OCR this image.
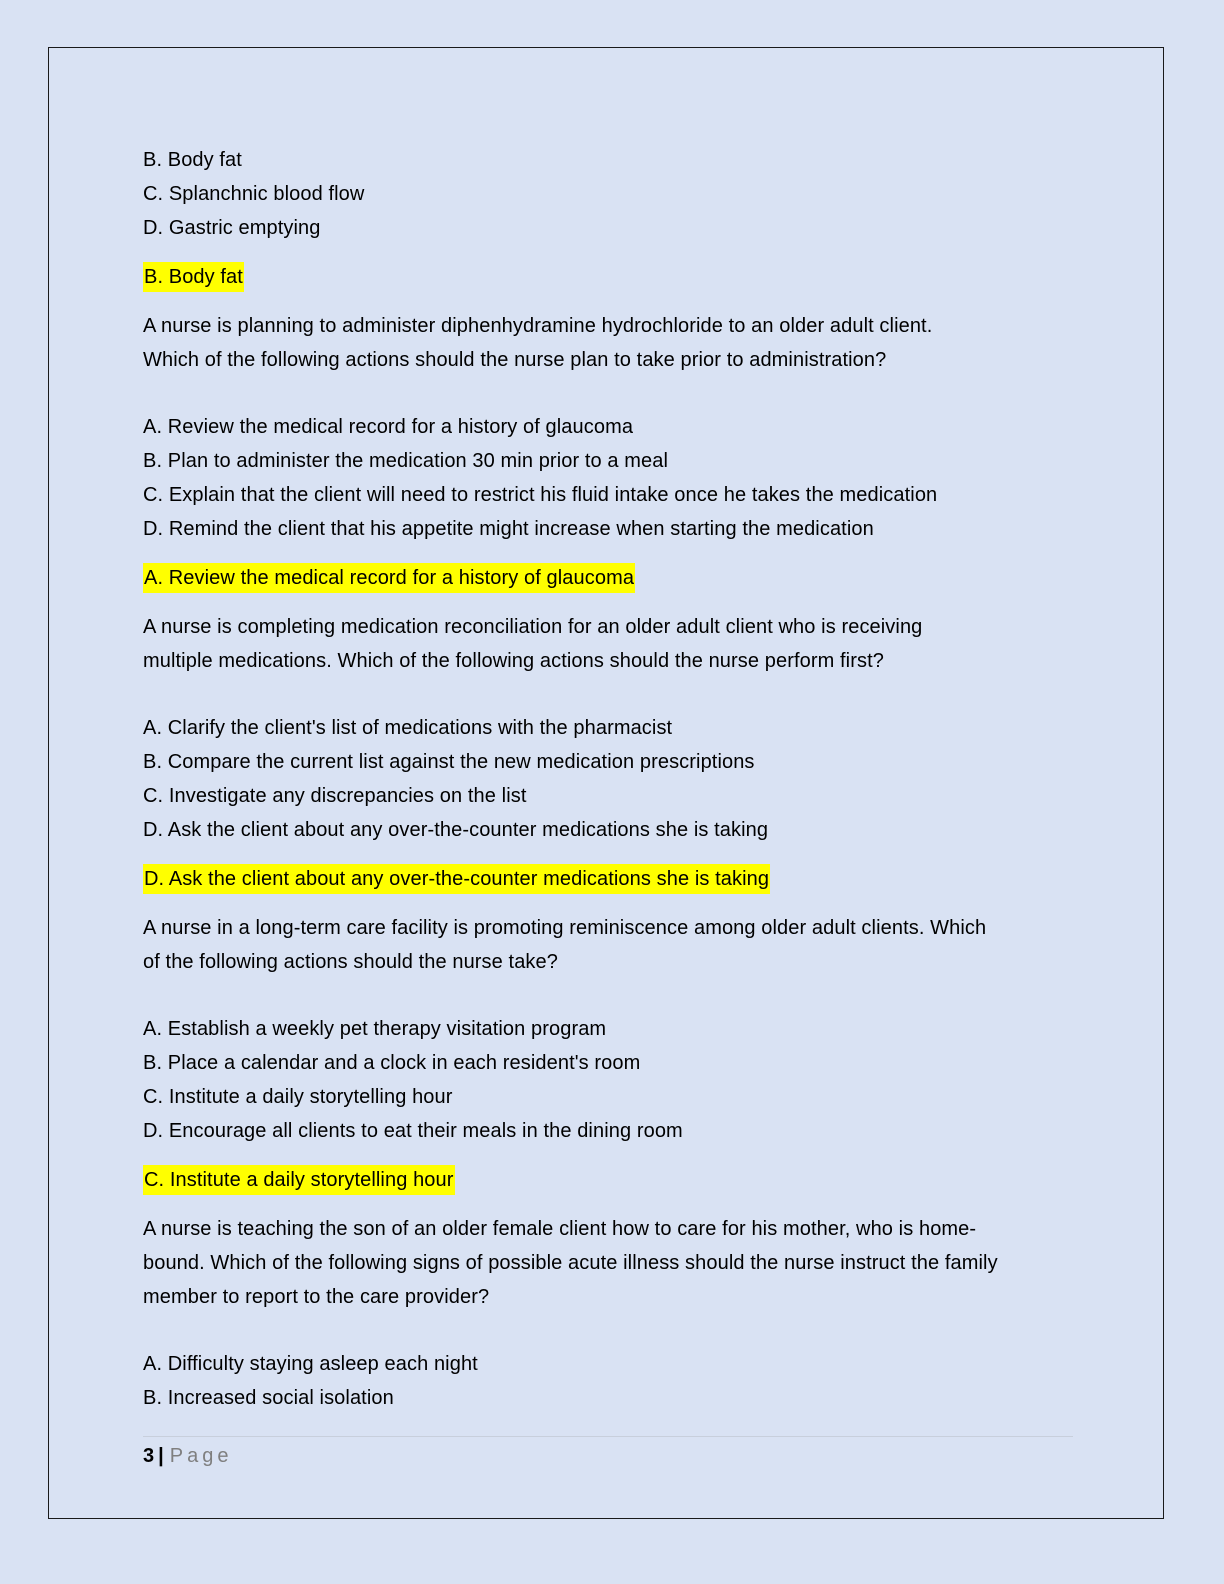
B. Body fat
C. Splanchnic blood flow
D. Gastric emptying
B. Body fat
A nurse is planning to administer diphenhydramine hydrochloride to an older adult client.
Which of the following actions should the nurse plan to take prior to administration?
A. Review the medical record for a history of glaucoma
B. Plan to administer the medication 30 min prior to a meal
C. Explain that the client will need to restrict his fluid intake once he takes the medication
D. Remind the client that his appetite might increase when starting the medication
A. Review the medical record for a history of glaucoma
A nurse is completing medication reconciliation for an older adult client who is receiving
multiple medications. Which of the following actions should the nurse perform first?
A. Clarify the client's list of medications with the pharmacist
B. Compare the current list against the new medication prescriptions
C. Investigate any discrepancies on the list
D. Ask the client about any over-the-counter medications she is taking
D. Ask the client about any over-the-counter medications she is taking
A nurse in a long-term care facility is promoting reminiscence among older adult clients. Which
of the following actions should the nurse take?
A. Establish a weekly pet therapy visitation program
B. Place a calendar and a clock in each resident's room
C. Institute a daily storytelling hour
D. Encourage all clients to eat their meals in the dining room
C. Institute a daily storytelling hour
A nurse is teaching the son of an older female client how to care for his mother, who is home-
bound. Which of the following signs of possible acute illness should the nurse instruct the family
member to report to the care provider?
A. Difficulty staying asleep each night
B. Increased social isolation
3 | Page
